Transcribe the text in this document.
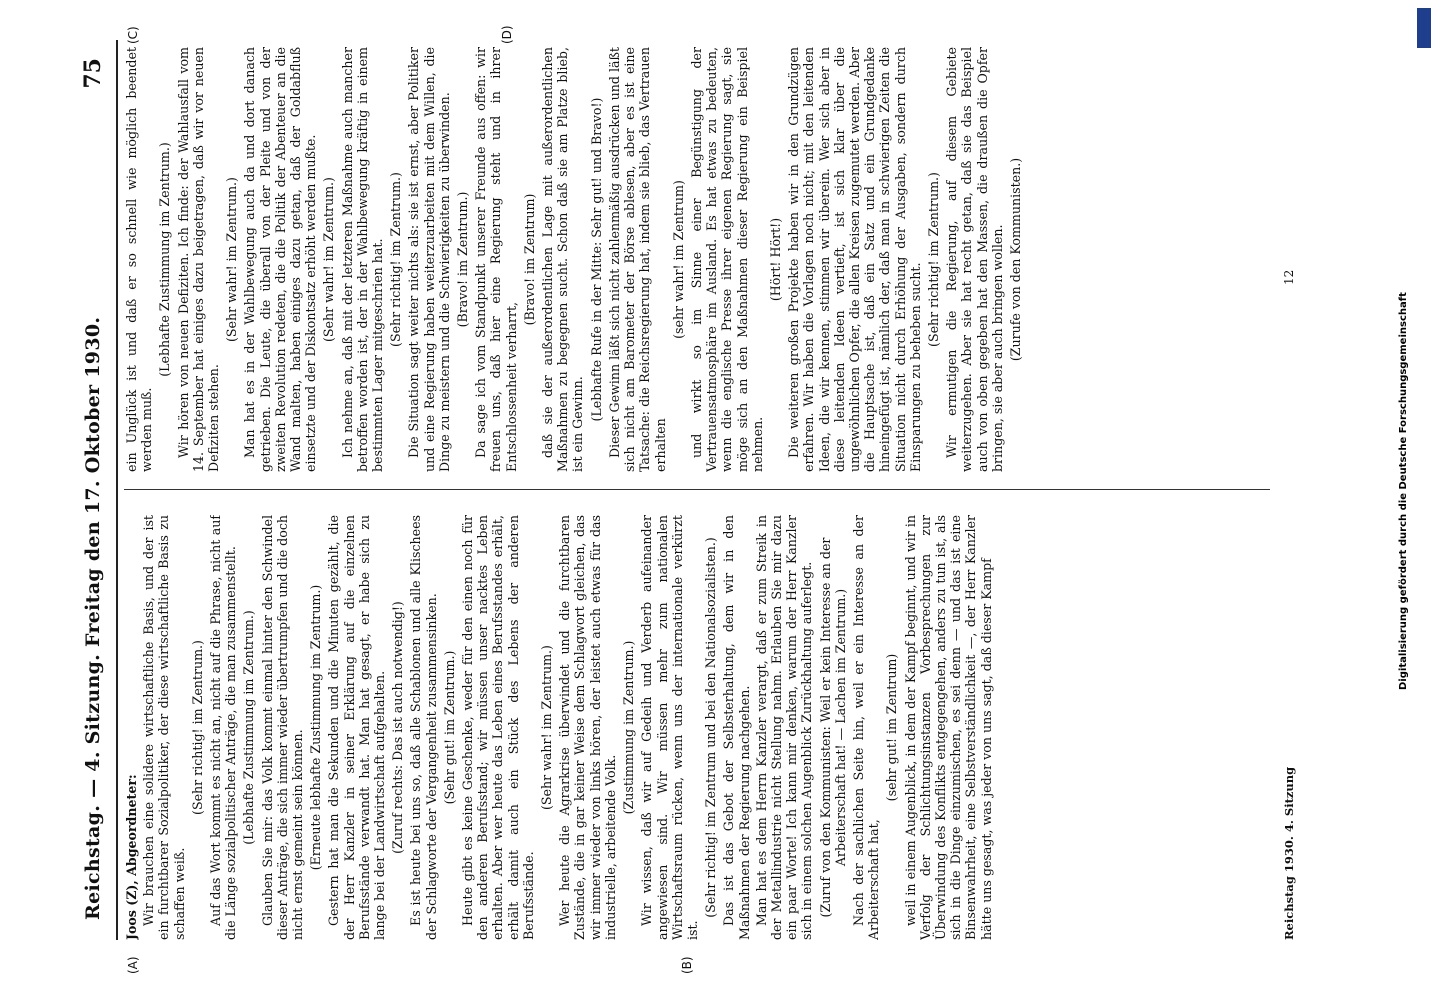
Reichstag. — 4. Sitzung. Freitag den 17. Oktober 1930.
75
(A)	(B)
(C)	(D)

Joos (Z), Abgeordneter: Wir brauchen eine solidere wirtschaftliche Basis, und der ist ein furchtbarer Sozialpolitiker, der diese wirtschaftliche Basis zu schaffen weiß.

(Sehr richtig! im Zentrum.) Auf das Wort kommt es nicht an, nicht auf die Phrase, nicht auf die Länge sozialpolitischer Anträge, die man zusammenstellt. (Lebhafte Zustimmung im Zentrum.) Glauben Sie mir: das Volk kommt einmal hinter den Schwindel dieser Anträge, die sich immer wieder übertrumpfen und die doch nicht ernst gemeint sein können. (Erneute lebhafte Zustimmung im Zentrum.) Gestern hat man die Sekunden und die Minuten gezählt, die der Herr Kanzler in seiner Erklärung auf die einzelnen Berufsstände verwandt hat. Man hat gesagt, er habe sich zu lange bei der Landwirtschaft aufgehalten. (Zuruf rechts: Das ist auch notwendig!) Es ist heute bei uns so, daß alle Schablonen und alle Klischees der Schlagworte der Vergangenheit zusammensinken. (Sehr gut! im Zentrum.) Heute gibt es keine Geschenke, weder für den einen noch für den anderen Berufsstand; wir müssen unser nacktes Leben erhalten. Aber wer heute das Leben eines Berufsstandes erhält, erhält damit auch ein Stück des Lebens der anderen Berufsstände.

(Sehr wahr! im Zentrum.) Wer heute die Agrarkrise überwindet und die furchtbaren Zustände, die in gar keiner Weise dem Schlagwort gleichen, das wir immer wieder von links hören, der leistet auch etwas für das industrielle, arbeitende Volk.

(Zustimmung im Zentrum.) Wir wissen, daß wir auf Gedeih und Verderb aufeinander angewiesen sind. Wir müssen mehr zum nationalen Wirtschaftsraum rücken, wenn uns der internationale verkürzt ist.

(Sehr richtig! im Zentrum und bei den Nationalsozialisten.) Das ist das Gebot der Selbsterhaltung, dem wir in den Maßnahmen der Regierung nachgehen. Man hat es dem Herrn Kanzler verargt, daß er zum Streik in der Metallindustrie nicht Stellung nahm. Erlauben Sie mir dazu ein paar Worte! Ich kann mir denken, warum der Herr Kanzler sich in einem solchen Augenblick Zurückhaltung auferlegt. (Zuruf von den Kommunisten: Weil er kein Interesse an der Arbeiterschaft hat! — Lachen im Zentrum.) Nach der sachlichen Seite hin, weil er ein Interesse an der Arbeiterschaft hat,

(sehr gut! im Zentrum) weil in einem Augenblick, in dem der Kampf beginnt, und wir in Verfolg der Schlichtungsinstanzen Vorbesprechungen zur Überwindung des Konflikts entgegengehen, anders zu tun ist, als sich in die Dinge einzumischen, es sei denn — und das ist eine Binsenwahrheit, eine Selbstverständlichkeit —, der Herr Kanzler hätte uns gesagt, was jeder von uns sagt, daß dieser Kampf

ein Unglück ist und daß er so schnell wie möglich beendet werden muß.

(Lebhafte Zustimmung im Zentrum.) Wir hören von neuen Defiziten. Ich finde: der Wahlausfall vom 14. September hat einiges dazu beigetragen, daß wir vor neuen Defiziten stehen.

(Sehr wahr! im Zentrum.) Man hat es in der Wahlbewegung auch da und dort danach getrieben. Die Leute, die überall von der Pleite und von der zweiten Revolution redeten, die die Politik der Abenteuer an die Wand malten, haben einiges dazu getan, daß der Goldabfluß einsetzte und der Diskontsatz erhöht werden mußte. (Sehr wahr! im Zentrum.) Ich nehme an, daß mit der letzteren Maßnahme auch mancher betroffen worden ist, der in der Wahlbewegung kräftig in einem bestimmten Lager mitgeschrien hat. (Sehr richtig! im Zentrum.) Die Situation sagt weiter nichts als: sie ist ernst, aber Politiker und eine Regierung haben weiterzuarbeiten mit dem Willen, die Dinge zu meistern und die Schwierigkeiten zu überwinden. (Bravo! im Zentrum.) Da sage ich vom Standpunkt unserer Freunde aus offen: wir freuen uns, daß hier eine Regierung steht und in ihrer Entschlossenheit verharrt,

(Bravo! im Zentrum) daß sie der außerordentlichen Lage mit außerordentlichen Maßnahmen zu begegnen sucht. Schon daß sie am Platze blieb, ist ein Gewinn.

(Lebhafte Rufe in der Mitte: Sehr gut! und Bravo!) Dieser Gewinn läßt sich nicht zahlenmäßig ausdrücken und läßt sich nicht am Barometer der Börse ablesen, aber es ist eine Tatsache: die Reichsregierung hat, indem sie blieb, das Vertrauen erhalten

(sehr wahr! im Zentrum) und wirkt so im Sinne einer Begünstigung der Vertrauensatmosphäre im Ausland. Es hat etwas zu bedeuten, wenn die englische Presse ihrer eigenen Regierung sagt, sie möge sich an den Maßnahmen dieser Regierung ein Beispiel nehmen.

(Hört! Hört!) Die weiteren großen Projekte haben wir in den Grundzügen erfahren. Wir haben die Vorlagen noch nicht; mit den leitenden Ideen, die wir kennen, stimmen wir überein. Wer sich aber in diese leitenden Ideen vertieft, ist sich klar über die ungewöhnlichen Opfer, die allen Kreisen zugemutet werden. Aber die Hauptsache ist, daß ein Satz und ein Grundgedanke hineingefügt ist, nämlich der, daß man in schwierigen Zeiten die Situation nicht durch Erhöhung der Ausgaben, sondern durch Einsparungen zu beheben sucht.

(Sehr richtig! im Zentrum.) Wir ermutigen die Regierung, auf diesem Gebiete weiterzugehen. Aber sie hat recht getan, daß sie das Beispiel auch von oben gegeben hat den Massen, die draußen die Opfer bringen, sie aber auch bringen wollen. (Zurufe von den Kommunisten.)

Reichstag 1930. 4. Sitzung
12
Digitalisierung gefördert durch die Deutsche Forschungsgemeinschaft
DFG
